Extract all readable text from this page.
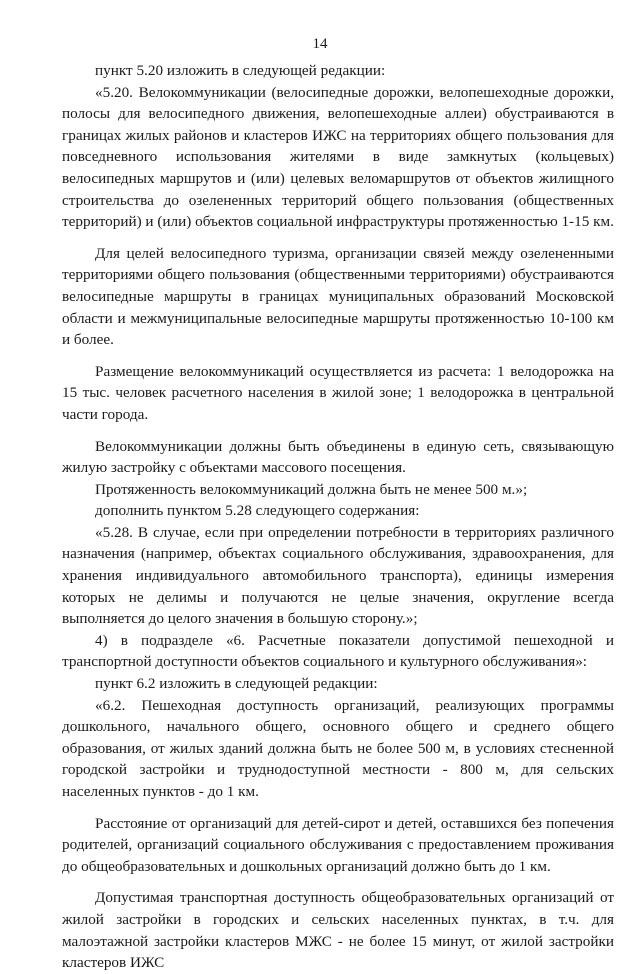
14

пункт 5.20 изложить в следующей редакции:

«5.20. Велокоммуникации (велосипедные дорожки, велопешеходные дорожки, полосы для велосипедного движения, велопешеходные аллеи) обустраиваются в границах жилых районов и кластеров ИЖС на территориях общего пользования для повседневного использования жителями в виде замкнутых (кольцевых) велосипедных маршрутов и (или) целевых веломаршрутов от объектов жилищного строительства до озелененных территорий общего пользования (общественных территорий) и (или) объектов социальной инфраструктуры протяженностью 1-15 км.

Для целей велосипедного туризма, организации связей между озелененными территориями общего пользования (общественными территориями) обустраиваются велосипедные маршруты в границах муниципальных образований Московской области и межмуниципальные велосипедные маршруты протяженностью 10-100 км и более.

Размещение велокоммуникаций осуществляется из расчета: 1 велодорожка на 15 тыс. человек расчетного населения в жилой зоне; 1 велодорожка в центральной части города.

Велокоммуникации должны быть объединены в единую сеть, связывающую жилую застройку с объектами массового посещения.

Протяженность велокоммуникаций должна быть не менее 500 м.»;

дополнить пунктом 5.28 следующего содержания:

«5.28. В случае, если при определении потребности в территориях различного назначения (например, объектах социального обслуживания, здравоохранения, для хранения индивидуального автомобильного транспорта), единицы измерения которых не делимы и получаются не целые значения, округление всегда выполняется до целого значения в большую сторону.»;

4) в подразделе «6. Расчетные показатели допустимой пешеходной и транспортной доступности объектов социального и культурного обслуживания»:

пункт 6.2 изложить в следующей редакции:

«6.2. Пешеходная доступность организаций, реализующих программы дошкольного, начального общего, основного общего и среднего общего образования, от жилых зданий должна быть не более 500 м, в условиях стесненной городской застройки и труднодоступной местности - 800 м, для сельских населенных пунктов - до 1 км.

Расстояние от организаций для детей-сирот и детей, оставшихся без попечения родителей, организаций социального обслуживания с предоставлением проживания до общеобразовательных и дошкольных организаций должно быть до 1 км.

Допустимая транспортная доступность общеобразовательных организаций от жилой застройки в городских и сельских населенных пунктах, в т.ч. для малоэтажной застройки кластеров МЖС - не более 15 минут, от жилой застройки кластеров ИЖС
